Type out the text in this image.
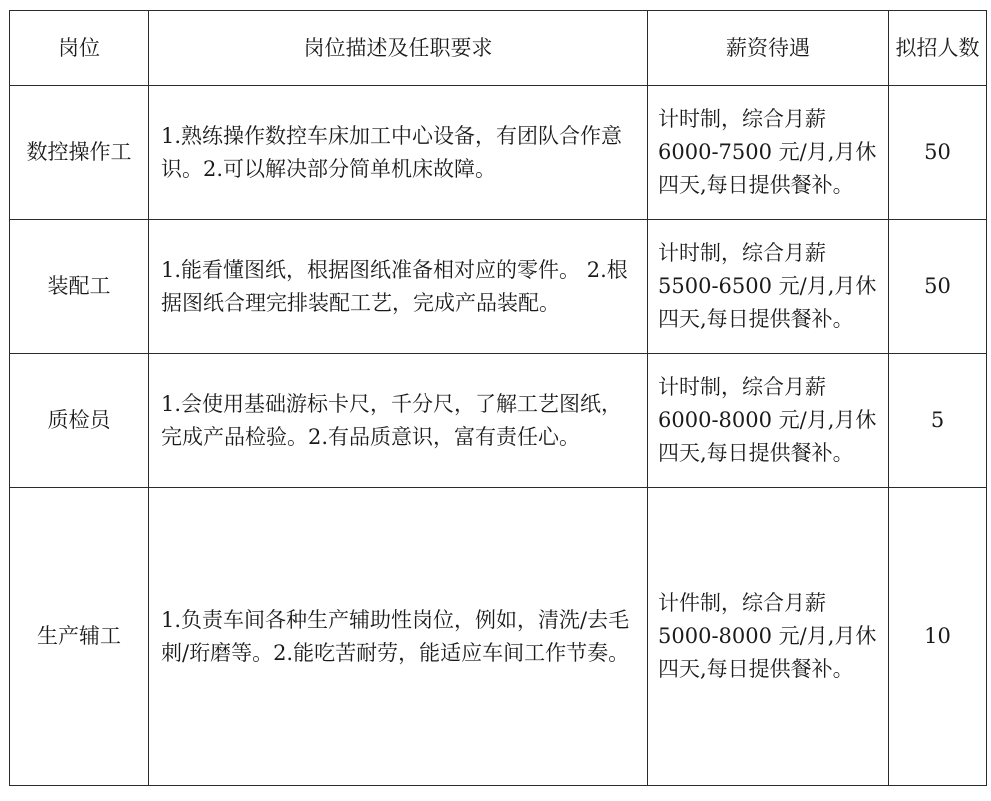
岗位	岗位描述及任职要求	薪资待遇	拟招人数
数控操作工	1.熟练操作数控车床加工中心设备，有团队合作意识。2.可以解决部分简单机床故障。	计时制，综合月薪6000-7500 元/月,月休四天,每日提供餐补。	50
装配工	1.能看懂图纸，根据图纸准备相对应的零件。 2.根据图纸合理完排装配工艺，完成产品装配。	计时制，综合月薪5500-6500 元/月,月休四天,每日提供餐补。	50
质检员	1.会使用基础游标卡尺，千分尺，了解工艺图纸，完成产品检验。2.有品质意识，富有责任心。	计时制，综合月薪6000-8000 元/月,月休四天,每日提供餐补。	5
生产辅工	1.负责车间各种生产辅助性岗位，例如，清洗/去毛刺/珩磨等。2.能吃苦耐劳，能适应车间工作节奏。	计件制，综合月薪5000-8000 元/月,月休四天,每日提供餐补。	10
